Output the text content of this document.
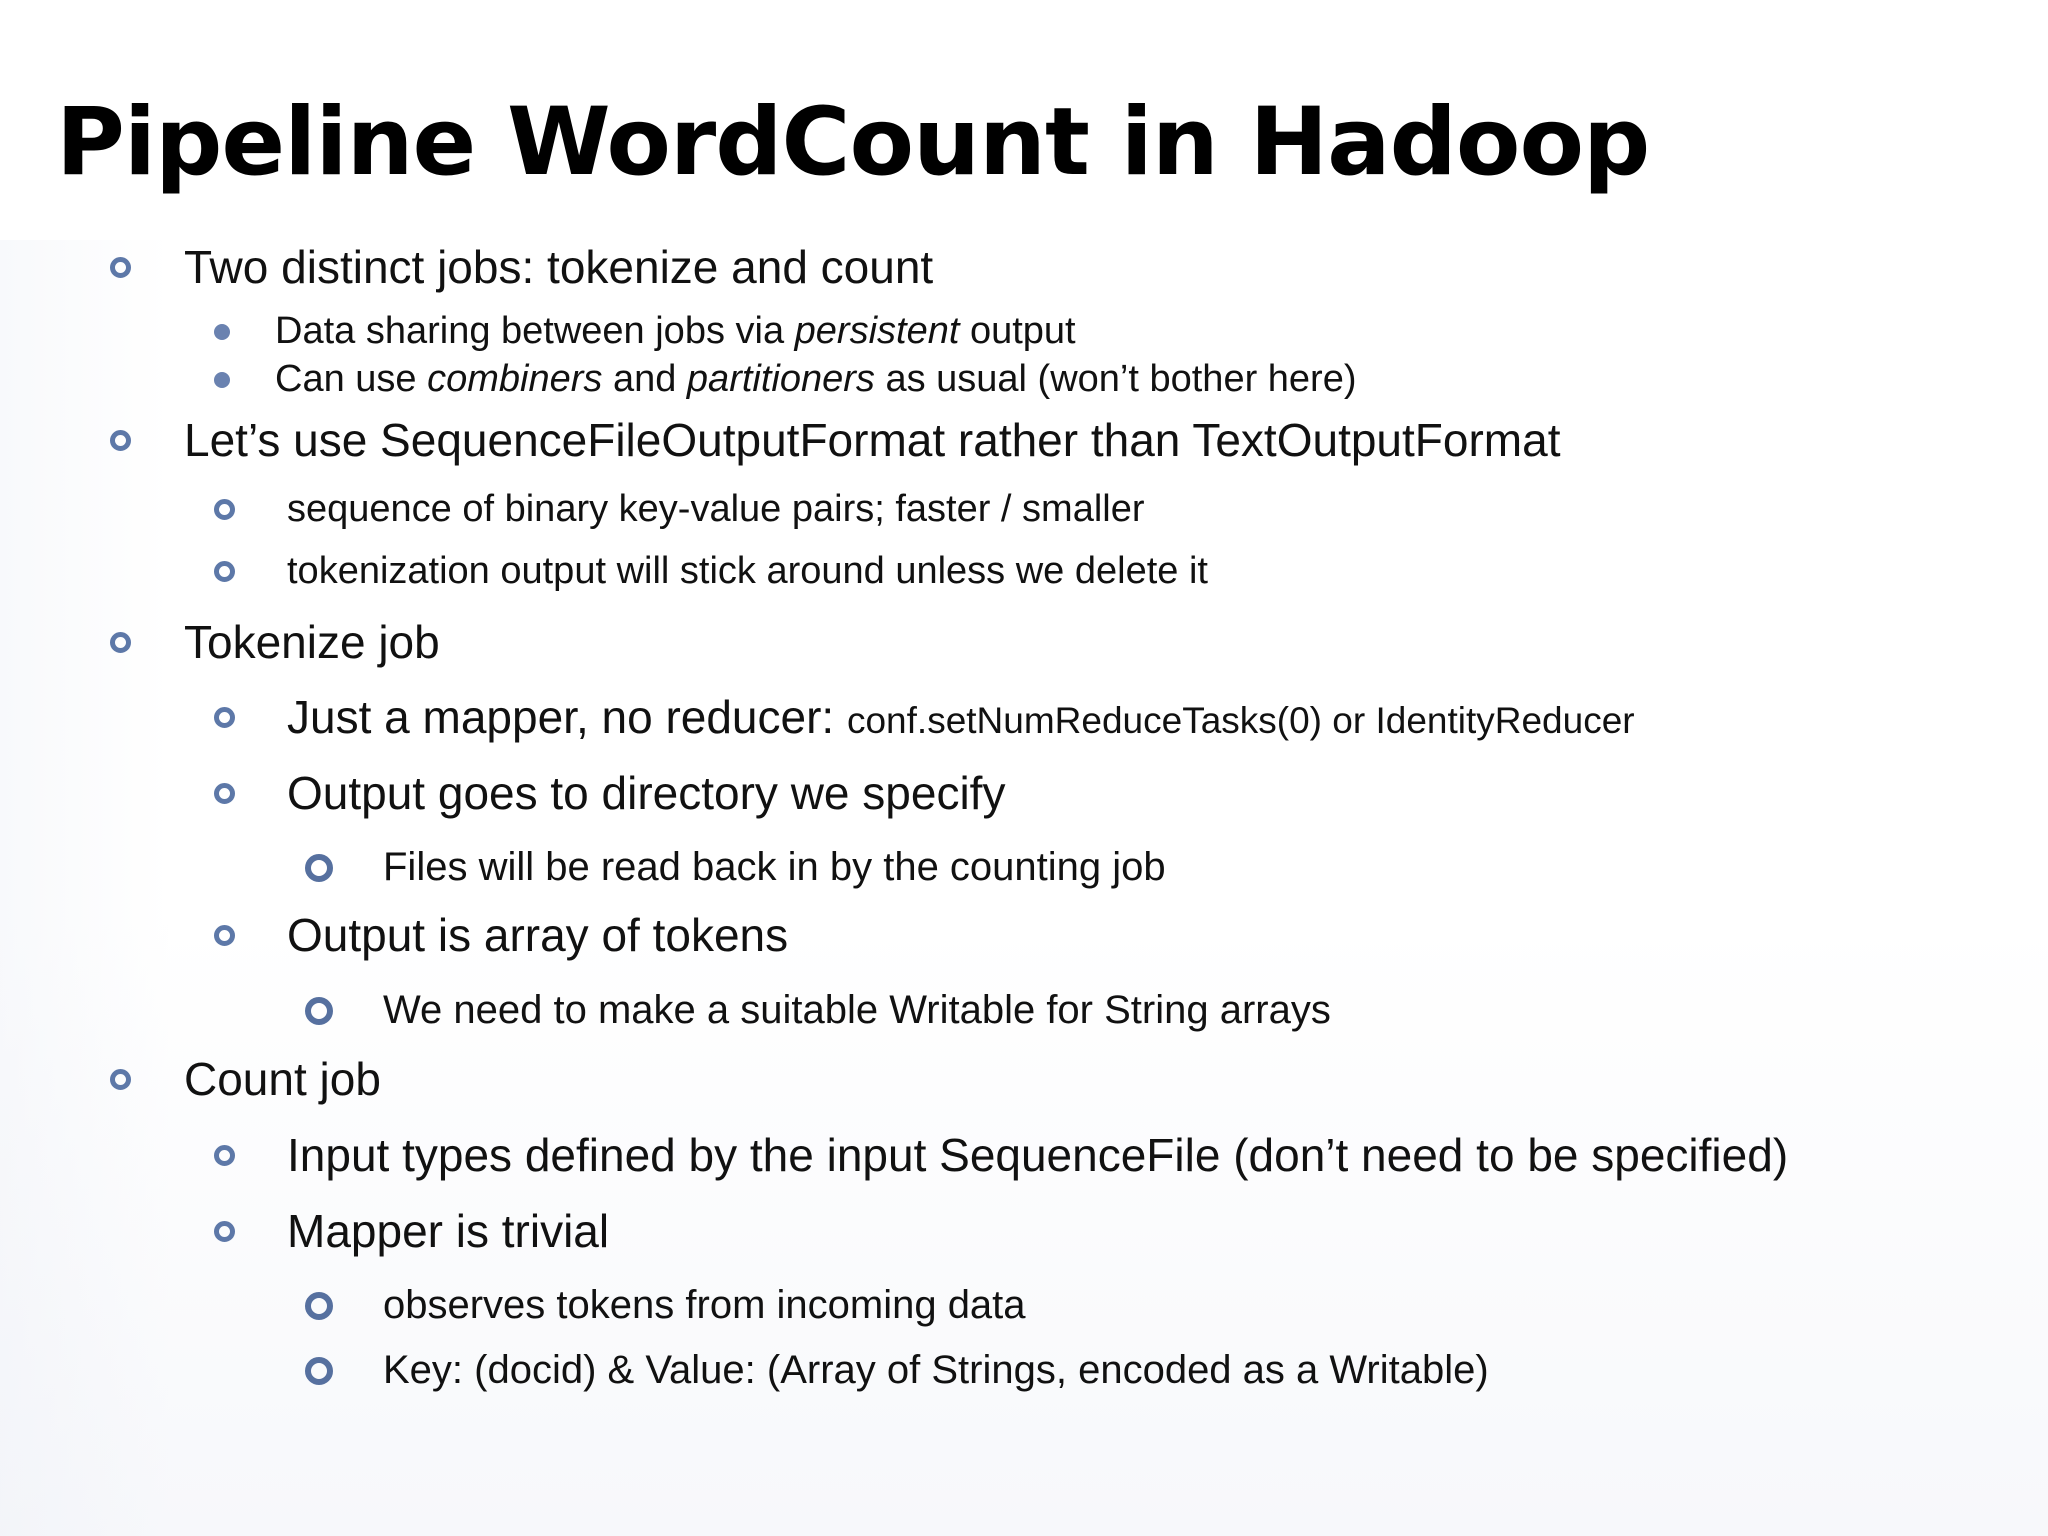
Pipeline WordCount in Hadoop
Two distinct jobs: tokenize and count
Data sharing between jobs via persistent output
Can use combiners and partitioners as usual (won’t bother here)
Let’s use SequenceFileOutputFormat rather than TextOutputFormat
sequence of binary key-value pairs; faster / smaller
tokenization output will stick around unless we delete it
Tokenize job
Just a mapper, no reducer: conf.setNumReduceTasks(0) or IdentityReducer
Output goes to directory we specify
Files will be read back in by the counting job
Output is array of tokens
We need to make a suitable Writable for String arrays
Count job
Input types defined by the input SequenceFile (don’t need to be specified)
Mapper is trivial
observes tokens from incoming data
Key: (docid) & Value: (Array of Strings, encoded as a Writable)
